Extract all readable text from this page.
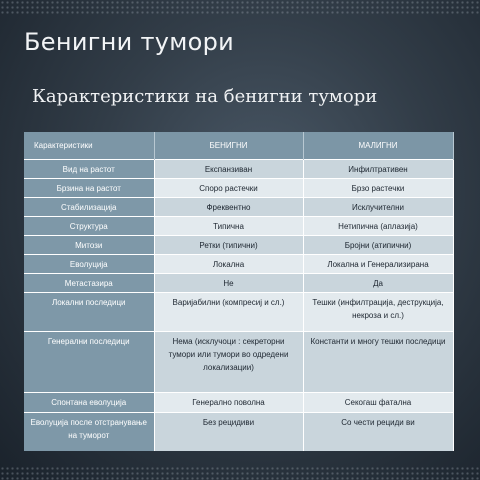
Бенигни тумори
Карактеристики на бенигни тумори
Карактеристики	БЕНИГНИ	МАЛИГНИ
Вид на растот	Експанзиван	Инфилтративен
Брзина на растот	Споро растечки	Брзо растечки
Стабилизација	Фреквентно	Исклучителни
Структура	Типична	Нетипична (аплазија)
Митози	Ретки (типични)	Бројни (атипични)
Еволуција	Локална	Локална и Генерализирана
Метастазира	Не	Да
Локални последици	Варијабилни (компресиј и сл.)	Тешки (инфилтрација, деструкција, некроза и сл.)
Генерални последици	Нема (исклучоци : секреторни тумори или тумори во одредени локализации)	Константи и многу тешки последици
Спонтана еволуција	Генерално поволна	Секогаш фатална
Еволуција после отстранување на туморот	Без рецидиви	Со чести рециди ви
